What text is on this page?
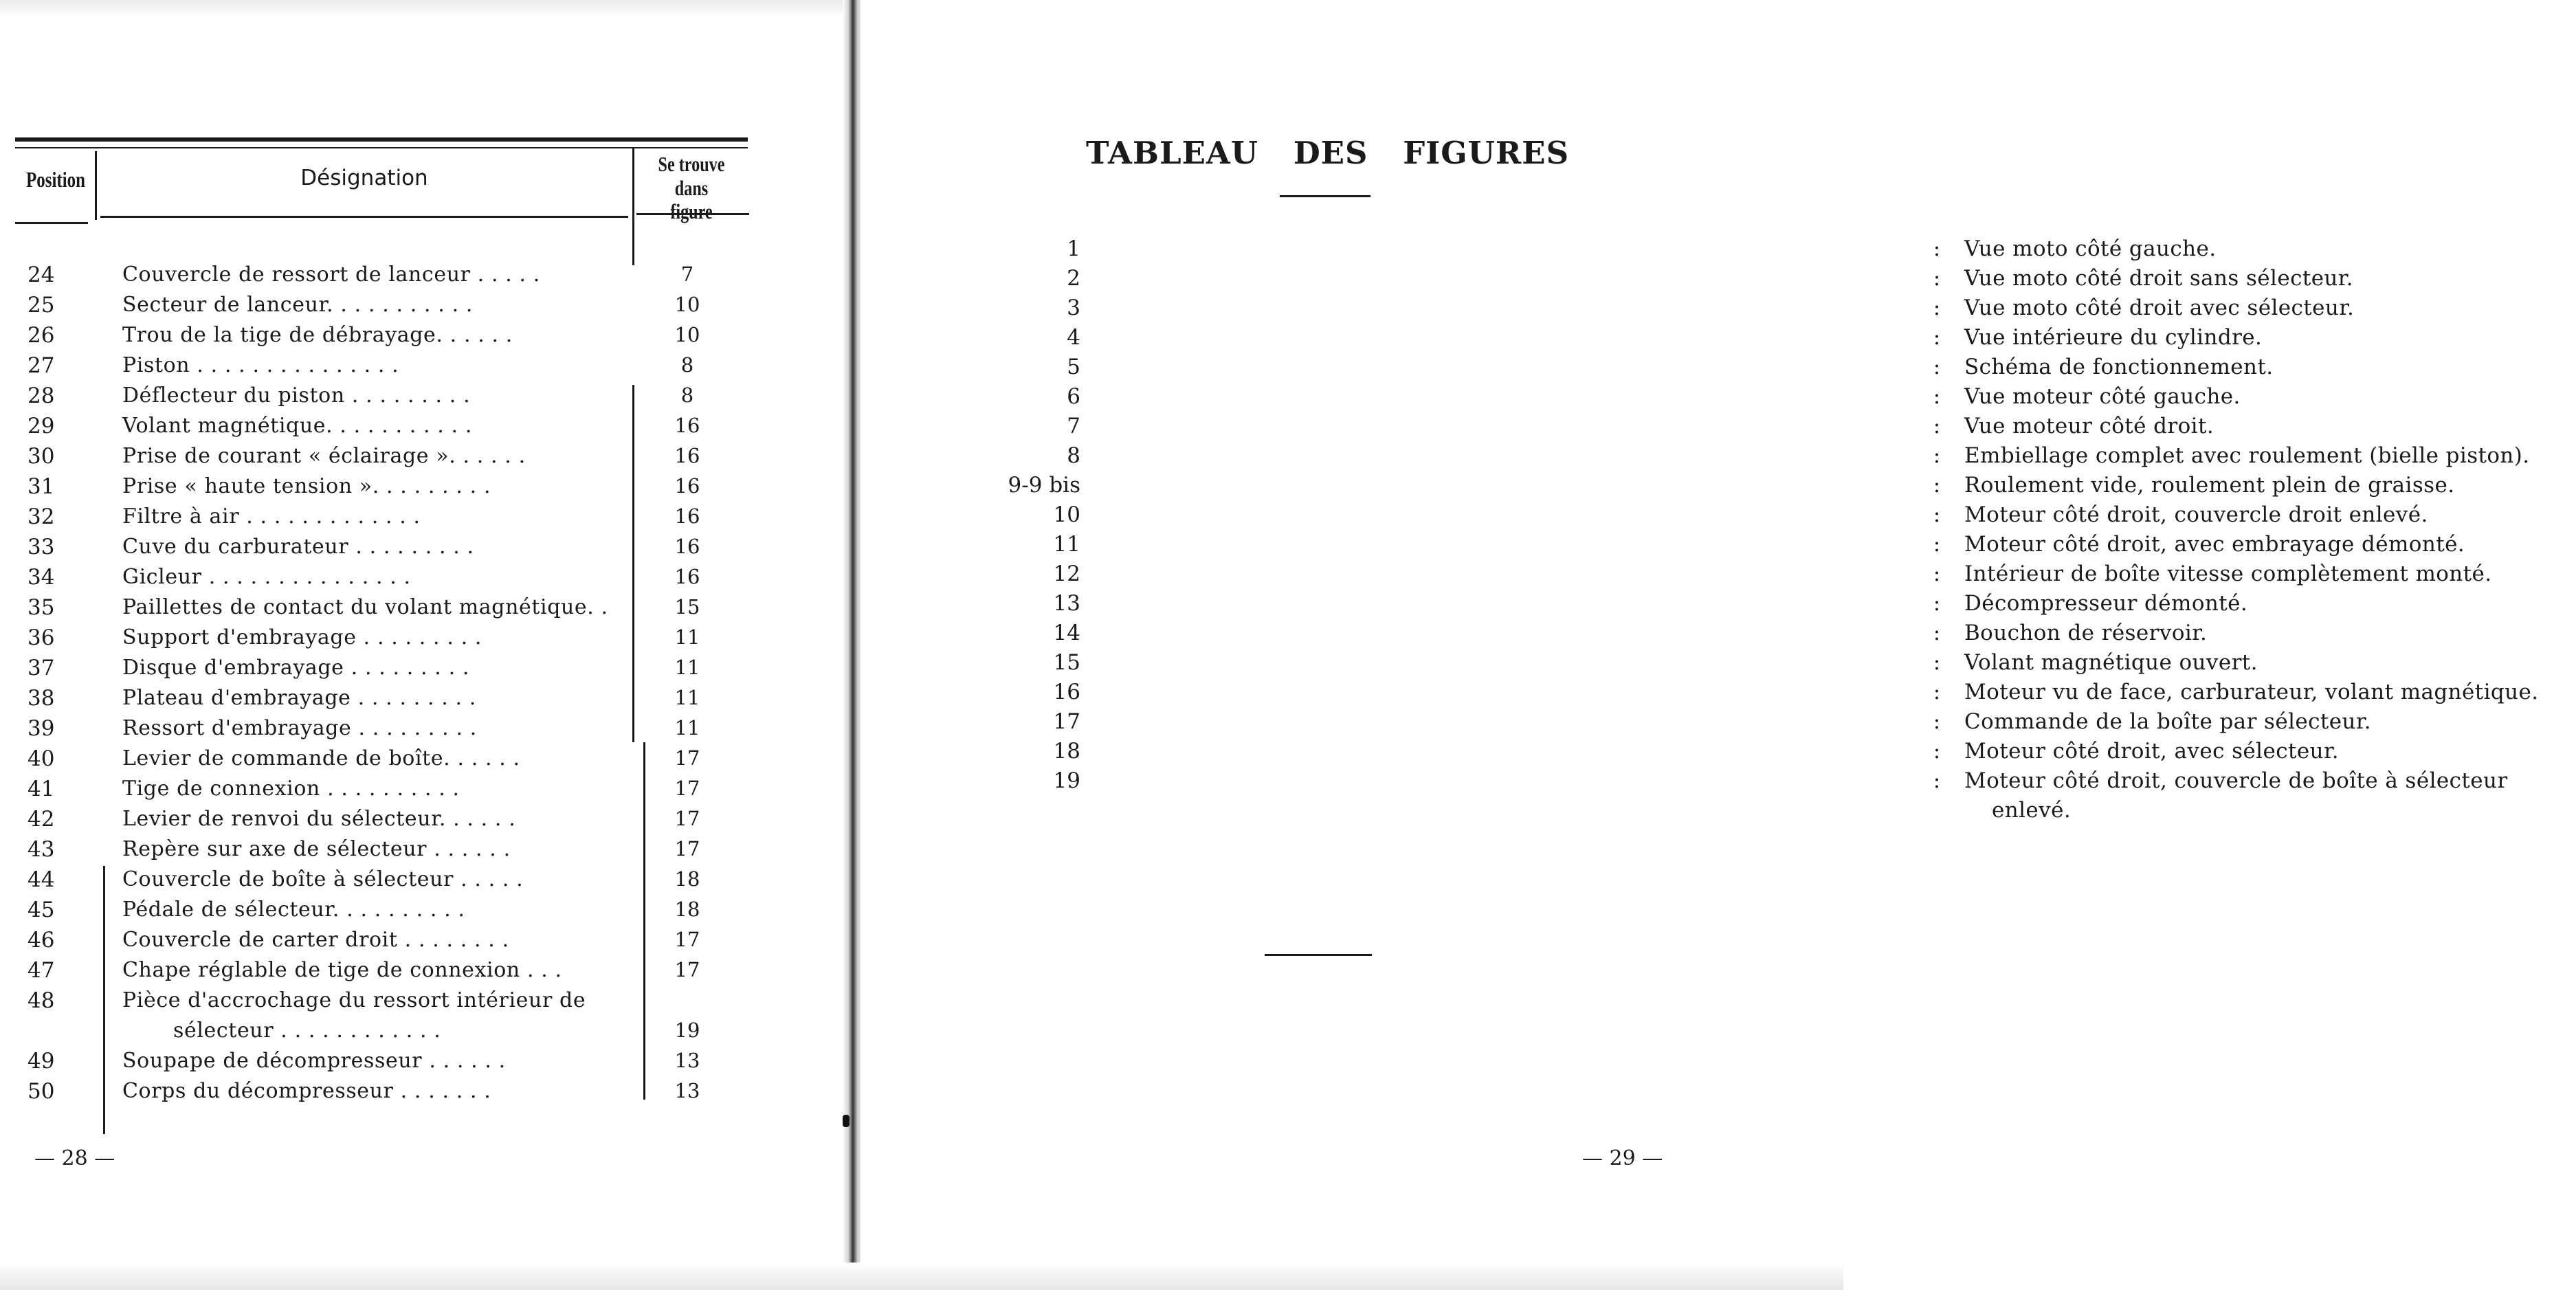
Position	Désignation
Se trouve dans
figure
24	Couvercle de ressort de lanceur . . . . .	7
25	Secteur de lanceur. . . . . . . . . . .	10
26	Trou de la tige de débrayage. . . . . .	10
27	Piston . . . . . . . . . . . . . . .	8
28	Déflecteur du piston . . . . . . . . .	8
29	Volant magnétique. . . . . . . . . . .	16
30	Prise de courant « éclairage ». . . . . .	16
31	Prise « haute tension ». . . . . . . . .	16
32	Filtre à air . . . . . . . . . . . . .	16
33	Cuve du carburateur . . . . . . . . .	16
34	Gicleur . . . . . . . . . . . . . . .	16
35	Paillettes de contact du volant magnétique. .	15
36	Support d'embrayage . . . . . . . . .	11
37	Disque d'embrayage . . . . . . . . .	11
38	Plateau d'embrayage . . . . . . . . .	11
39	Ressort d'embrayage . . . . . . . . .	11
40	Levier de commande de boîte. . . . . .	17
41	Tige de connexion . . . . . . . . . .	17
42	Levier de renvoi du sélecteur. . . . . .	17
43	Repère sur axe de sélecteur . . . . . .	17
44	Couvercle de boîte à sélecteur . . . . .	18
45	Pédale de sélecteur. . . . . . . . . .	18
46	Couvercle de carter droit . . . . . . . .	17
47	Chape réglable de tige de connexion . . .	17
48	Pièce d'accrochage du ressort intérieur de
sélecteur . . . . . . . . . . . .	19
49	Soupape de décompresseur . . . . . .	13
50	Corps du décompresseur . . . . . . .	13
— 28 —
TABLEAU DES FIGURES
1	: Vue moto côté gauche.
2	: Vue moto côté droit sans sélecteur.
3	: Vue moto côté droit avec sélecteur.
4	: Vue intérieure du cylindre.
5	: Schéma de fonctionnement.
6	: Vue moteur côté gauche.
7	: Vue moteur côté droit.
8	: Embiellage complet avec roulement (bielle piston).
9-9 bis	: Roulement vide, roulement plein de graisse.
10	: Moteur côté droit, couvercle droit enlevé.
11	: Moteur côté droit, avec embrayage démonté.
12	: Intérieur de boîte vitesse complètement monté.
13	: Décompresseur démonté.
14	: Bouchon de réservoir.
15	: Volant magnétique ouvert.
16	: Moteur vu de face, carburateur, volant magnétique.
17	: Commande de la boîte par sélecteur.
18	: Moteur côté droit, avec sélecteur.
19	: Moteur côté droit, couvercle de boîte à sélecteur
enlevé.
— 29 —
